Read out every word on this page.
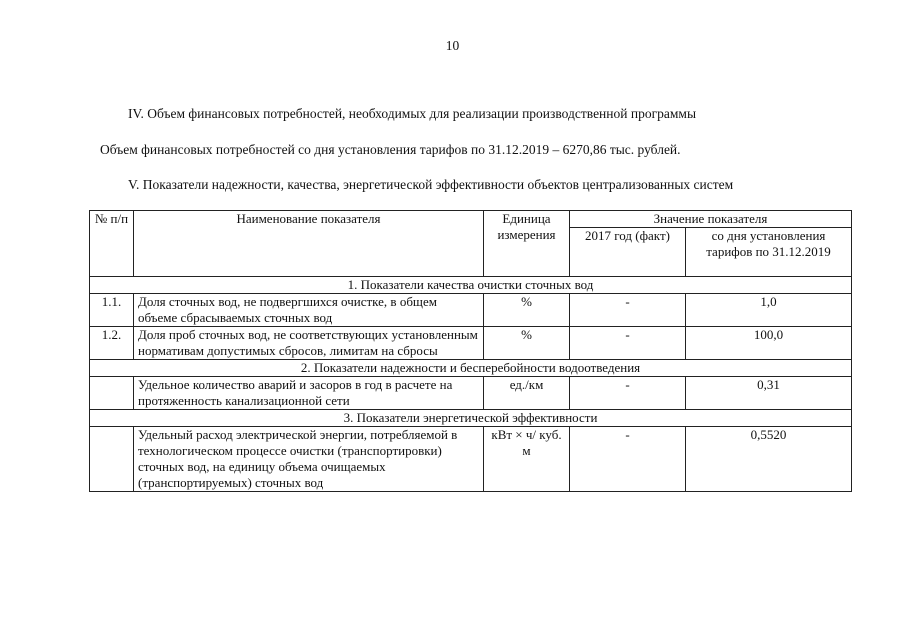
10
IV. Объем финансовых потребностей, необходимых для реализации производственной программы
Объем финансовых потребностей со дня установления тарифов по 31.12.2019 – 6270,86 тыс. рублей.
V. Показатели надежности, качества, энергетической эффективности объектов централизованных систем
№ п/п	Наименование показателя	Единица измерения	Значение показателя	
			2017 год (факт)	со дня установления тарифов по 31.12.2019
1. Показатели качества очистки сточных вод				
1.1.	Доля сточных вод, не подвергшихся очистке, в общем объеме сбрасываемых сточных вод	%	-	1,0
1.2.	Доля проб сточных вод, не соответствующих установленным нормативам допустимых сбросов, лимитам на сбросы	%	-	100,0
2. Показатели надежности и бесперебойности водоотведения				
	Удельное количество аварий и засоров в год в расчете на протяженность канализационной сети	ед./км	-	0,31
3. Показатели энергетической эффективности				
	Удельный расход электрической энергии, потребляемой в технологическом процессе очистки (транспортировки) сточных вод, на единицу объема очищаемых (транспортируемых) сточных вод	кВт × ч/ куб. м	-	0,5520
